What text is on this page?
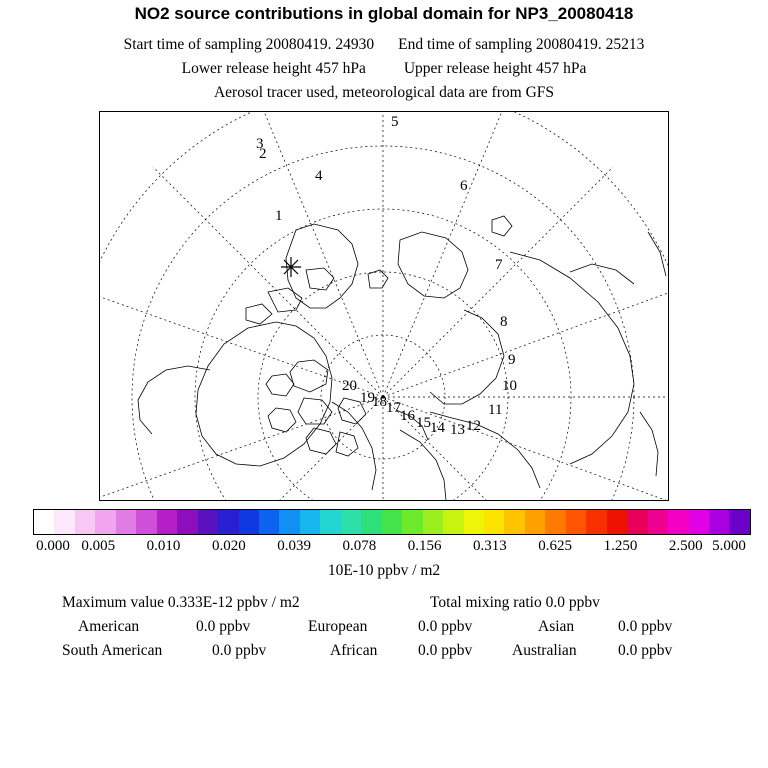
NO2 source contributions in global domain for NP3_20080418
Start time of sampling 20080419. 24930 End time of sampling 20080419. 25213
Lower release height 457 hPa Upper release height 457 hPa
Aerosol tracer used, meteorological data are from GFS
1
2
4
5
6
7
8
9
10
11
12
13
14
15
16
17
18
19
20
3
0.000 0.005 0.010 0.020 0.039 0.078 0.156 0.313 0.625 1.250 2.500 5.000
10E-10 ppbv / m2
Maximum value 0.333E-12 ppbv / m2	Total mixing ratio 0.0 ppbv
American	0.0 ppbv	European	0.0 ppbv	Asian	0.0 ppbv
South American	0.0 ppbv	African	0.0 ppbv	Australian	0.0 ppbv
